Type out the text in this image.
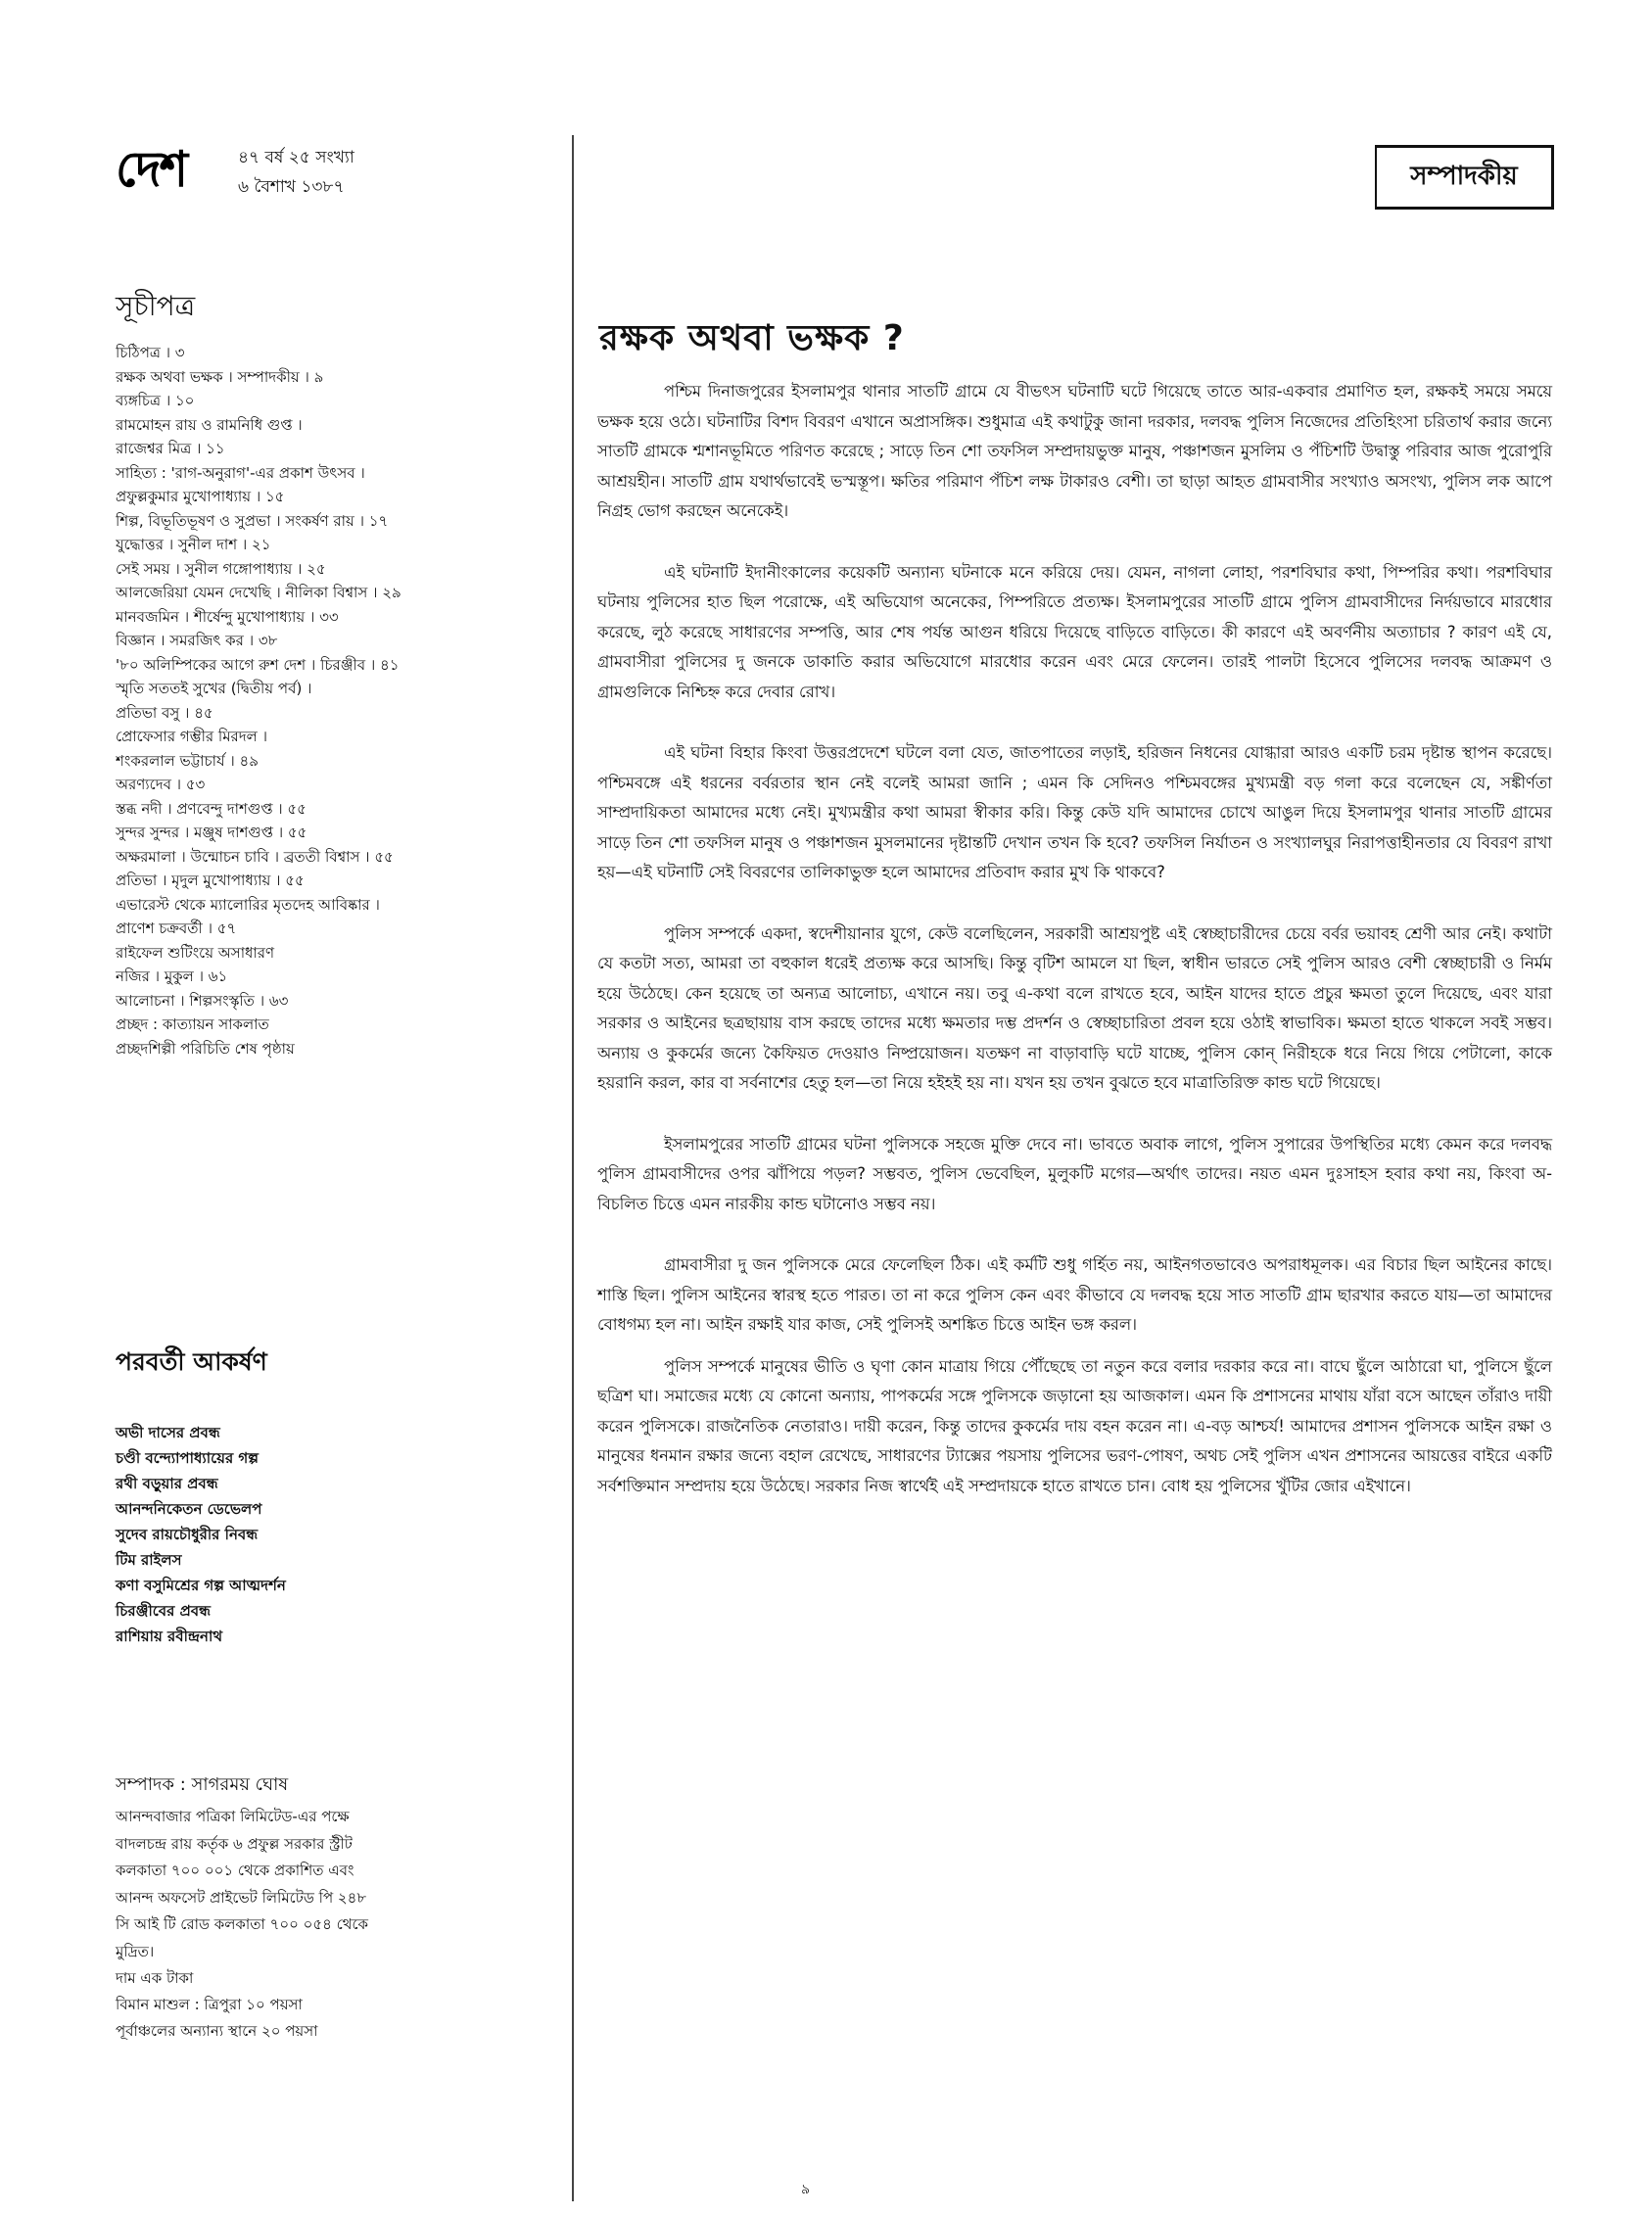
দেশ	৪৭ বর্ষ ২৫ সংখ্যা
৬ বৈশাখ ১৩৮৭
সূচীপত্র
চিঠিপত্র । ৩
রক্ষক অথবা ভক্ষক । সম্পাদকীয় । ৯
ব্যঙ্গচিত্র । ১০
রামমোহন রায় ও রামনিধি গুপ্ত ।
রাজেশ্বর মিত্র । ১১
সাহিত্য : 'রাগ-অনুরাগ'-এর প্রকাশ উৎসব ।
প্রফুল্লকুমার মুখোপাধ্যায় । ১৫
শিল্প, বিভূতিভূষণ ও সুপ্রভা । সংকর্ষণ রায় । ১৭
যুদ্ধোত্তর । সুনীল দাশ । ২১
সেই সময় । সুনীল গঙ্গোপাধ্যায় । ২৫
আলজেরিয়া যেমন দেখেছি । নীলিকা বিশ্বাস । ২৯
মানবজমিন । শীর্ষেন্দু মুখোপাধ্যায় । ৩৩
বিজ্ঞান । সমরজিৎ কর । ৩৮
'৮০ অলিম্পিকের আগে রুশ দেশ । চিরঞ্জীব । ৪১
স্মৃতি সততই সুখের (দ্বিতীয় পর্ব) ।
প্রতিভা বসু । ৪৫
প্রোফেসার গম্ভীর মিরদল ।
শংকরলাল ভট্টাচার্য । ৪৯
অরণ্যদেব । ৫৩
স্তব্ধ নদী । প্রণবেন্দু দাশগুপ্ত । ৫৫
সুন্দর সুন্দর । মঞ্জুষ দাশগুপ্ত । ৫৫
অক্ষরমালা । উন্মোচন চাবি । ব্রততী বিশ্বাস । ৫৫
প্রতিভা । মৃদুল মুখোপাধ্যায় । ৫৫
এভারেস্ট থেকে ম্যালোরির মৃতদেহ আবিষ্কার ।
প্রাণেশ চক্রবর্তী । ৫৭
রাইফেল শুটিংয়ে অসাধারণ
নজির । মুকুল । ৬১
আলোচনা । শিল্পসংস্কৃতি । ৬৩
প্রচ্ছদ : কাত্যায়ন সাকলাত
প্রচ্ছদশিল্পী পরিচিতি শেষ পৃষ্ঠায়
পরবর্তী আকর্ষণ
অভী দাসের প্রবন্ধ
চণ্ডী বন্দ্যোপাধ্যায়ের গল্প
রথী বড়ুয়ার প্রবন্ধ
আনন্দনিকেতন ডেভেলপ
সুদেব রায়চৌধুরীর নিবন্ধ
টিম রাইলস
কণা বসুমিশ্রের গল্প আত্মদর্শন
চিরঞ্জীবের প্রবন্ধ
রাশিয়ায় রবীন্দ্রনাথ
সম্পাদক : সাগরময় ঘোষ
আনন্দবাজার পত্রিকা লিমিটেড-এর পক্ষে
বাদলচন্দ্র রায় কর্তৃক ৬ প্রফুল্ল সরকার স্ট্রীট
কলকাতা ৭০০ ০০১ থেকে প্রকাশিত এবং
আনন্দ অফসেট প্রাইভেট লিমিটেড পি ২৪৮
সি আই টি রোড কলকাতা ৭০০ ০৫৪ থেকে
মুদ্রিত।
দাম এক টাকা
বিমান মাশুল : ত্রিপুরা ১০ পয়সা
পূর্বাঞ্চলের অন্যান্য স্থানে ২০ পয়সা
সম্পাদকীয়
রক্ষক অথবা ভক্ষক ?

পশ্চিম দিনাজপুরের ইসলামপুর থানার সাতটি গ্রামে যে বীভৎস ঘটনাটি ঘটে গিয়েছে তাতে আর-একবার প্রমাণিত হল, রক্ষকই সময়ে সময়ে ভক্ষক হয়ে ওঠে। ঘটনাটির বিশদ বিবরণ এখানে অপ্রাসঙ্গিক। শুধুমাত্র এই কথাটুকু জানা দরকার, দলবদ্ধ পুলিস নিজেদের প্রতিহিংসা চরিতার্থ করার জন্যে সাতটি গ্রামকে শ্মশানভূমিতে পরিণত করেছে ; সাড়ে তিন শো তফসিল সম্প্রদায়ভুক্ত মানুষ, পঞ্চাশজন মুসলিম ও পঁচিশটি উদ্বাস্তু পরিবার আজ পুরোপুরি আশ্রয়হীন। সাতটি গ্রাম যথার্থভাবেই ভস্মস্তূপ। ক্ষতির পরিমাণ পঁচিশ লক্ষ টাকারও বেশী। তা ছাড়া আহত গ্রামবাসীর সংখ্যাও অসংখ্য, পুলিস লক আপে নিগ্রহ ভোগ করছেন অনেকেই।

এই ঘটনাটি ইদানীংকালের কয়েকটি অন্যান্য ঘটনাকে মনে করিয়ে দেয়। যেমন, নাগলা লোহা, পরশবিঘার কথা, পিম্পরির কথা। পরশবিঘার ঘটনায় পুলিসের হাত ছিল পরোক্ষে, এই অভিযোগ অনেকের, পিম্পরিতে প্রত্যক্ষ। ইসলামপুরের সাতটি গ্রামে পুলিস গ্রামবাসীদের নির্দয়ভাবে মারধোর করেছে, লুঠ করেছে সাধারণের সম্পত্তি, আর শেষ পর্যন্ত আগুন ধরিয়ে দিয়েছে বাড়িতে বাড়িতে। কী কারণে এই অবর্ণনীয় অত্যাচার ? কারণ এই যে, গ্রামবাসীরা পুলিসের দু জনকে ডাকাতি করার অভিযোগে মারধোর করেন এবং মেরে ফেলেন। তারই পালটা হিসেবে পুলিসের দলবদ্ধ আক্রমণ ও গ্রামগুলিকে নিশ্চিহ্ন করে দেবার রোখ।

এই ঘটনা বিহার কিংবা উত্তরপ্রদেশে ঘটলে বলা যেত, জাতপাতের লড়াই, হরিজন নিধনের যোগ্ধারা আরও একটি চরম দৃষ্টান্ত স্থাপন করেছে। পশ্চিমবঙ্গে এই ধরনের বর্বরতার স্থান নেই বলেই আমরা জানি ; এমন কি সেদিনও পশ্চিমবঙ্গের মুখ্যমন্ত্রী বড় গলা করে বলেছেন যে, সঙ্কীর্ণতা সাম্প্রদায়িকতা আমাদের মধ্যে নেই। মুখ্যমন্ত্রীর কথা আমরা স্বীকার করি। কিন্তু কেউ যদি আমাদের চোখে আঙুল দিয়ে ইসলামপুর থানার সাতটি গ্রামের সাড়ে তিন শো তফসিল মানুষ ও পঞ্চাশজন মুসলমানের দৃষ্টান্তটি দেখান তখন কি হবে? তফসিল নির্যাতন ও সংখ্যালঘুর নিরাপত্তাহীনতার যে বিবরণ রাখা হয়—এই ঘটনাটি সেই বিবরণের তালিকাভুক্ত হলে আমাদের প্রতিবাদ করার মুখ কি থাকবে?

পুলিস সম্পর্কে একদা, স্বদেশীয়ানার যুগে, কেউ বলেছিলেন, সরকারী আশ্রয়পুষ্ট এই স্বেচ্ছাচারীদের চেয়ে বর্বর ভয়াবহ শ্রেণী আর নেই। কথাটা যে কতটা সত্য, আমরা তা বহুকাল ধরেই প্রত্যক্ষ করে আসছি। কিন্তু বৃটিশ আমলে যা ছিল, স্বাধীন ভারতে সেই পুলিস আরও বেশী স্বেচ্ছাচারী ও নির্মম হয়ে উঠেছে। কেন হয়েছে তা অন্যত্র আলোচ্য, এখানে নয়। তবু এ-কথা বলে রাখতে হবে, আইন যাদের হাতে প্রচুর ক্ষমতা তুলে দিয়েছে, এবং যারা সরকার ও আইনের ছত্রছায়ায় বাস করছে তাদের মধ্যে ক্ষমতার দম্ভ প্রদর্শন ও স্বেচ্ছাচারিতা প্রবল হয়ে ওঠাই স্বাভাবিক। ক্ষমতা হাতে থাকলে সবই সম্ভব। অন্যায় ও কুকর্মের জন্যে কৈফিয়ত দেওয়াও নিষ্প্রয়োজন। যতক্ষণ না বাড়াবাড়ি ঘটে যাচ্ছে, পুলিস কোন্ নিরীহকে ধরে নিয়ে গিয়ে পেটালো, কাকে হয়রানি করল, কার বা সর্বনাশের হেতু হল—তা নিয়ে হইহই হয় না। যখন হয় তখন বুঝতে হবে মাত্রাতিরিক্ত কান্ড ঘটে গিয়েছে।

ইসলামপুরের সাতটি গ্রামের ঘটনা পুলিসকে সহজে মুক্তি দেবে না। ভাবতে অবাক লাগে, পুলিস সুপারের উপস্থিতির মধ্যে কেমন করে দলবদ্ধ পুলিস গ্রামবাসীদের ওপর ঝাঁপিয়ে পড়ল? সম্ভবত, পুলিস ভেবেছিল, মুলুকটি মগের—অর্থাৎ তাদের। নয়ত এমন দুঃসাহস হবার কথা নয়, কিংবা অ-বিচলিত চিত্তে এমন নারকীয় কান্ড ঘটানোও সম্ভব নয়।

গ্রামবাসীরা দু জন পুলিসকে মেরে ফেলেছিল ঠিক। এই কর্মটি শুধু গর্হিত নয়, আইনগতভাবেও অপরাধমূলক। এর বিচার ছিল আইনের কাছে। শাস্তি ছিল। পুলিস আইনের স্বারস্থ হতে পারত। তা না করে পুলিস কেন এবং কীভাবে যে দলবদ্ধ হয়ে সাত সাতটি গ্রাম ছারখার করতে যায়—তা আমাদের বোধগম্য হল না। আইন রক্ষাই যার কাজ, সেই পুলিসই অশঙ্কিত চিত্তে আইন ভঙ্গ করল।

পুলিস সম্পর্কে মানুষের ভীতি ও ঘৃণা কোন মাত্রায় গিয়ে পৌঁছেছে তা নতুন করে বলার দরকার করে না। বাঘে ছুঁলে আঠারো ঘা, পুলিসে ছুঁলে ছত্রিশ ঘা। সমাজের মধ্যে যে কোনো অন্যায়, পাপকর্মের সঙ্গে পুলিসকে জড়ানো হয় আজকাল। এমন কি প্রশাসনের মাথায় যাঁরা বসে আছেন তাঁরাও দায়ী করেন পুলিসকে। রাজনৈতিক নেতারাও। দায়ী করেন, কিন্তু তাদের কুকর্মের দায় বহন করেন না। এ-বড় আশ্চর্য! আমাদের প্রশাসন পুলিসকে আইন রক্ষা ও মানুষের ধনমান রক্ষার জন্যে বহাল রেখেছে, সাধারণের ট্যাক্সের পয়সায় পুলিসের ভরণ-পোষণ, অথচ সেই পুলিস এখন প্রশাসনের আয়ত্তের বাইরে একটি সর্বশক্তিমান সম্প্রদায় হয়ে উঠেছে। সরকার নিজ স্বার্থেই এই সম্প্রদায়কে হাতে রাখতে চান। বোধ হয় পুলিসের খুঁটির জোর এইখানে।

৯
